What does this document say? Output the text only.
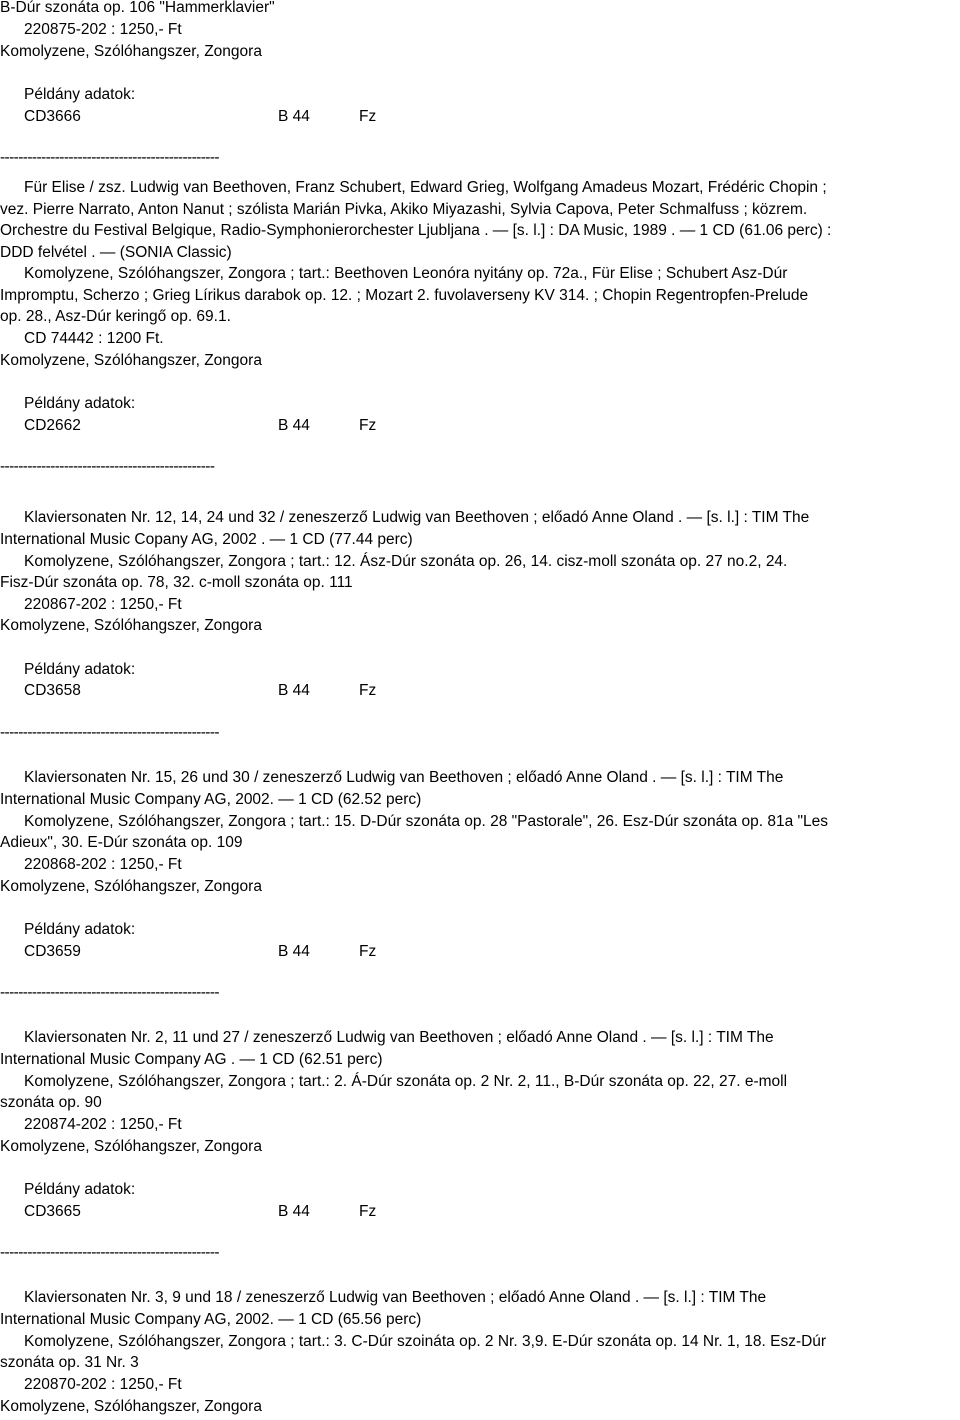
B-Dúr szonáta op. 106 "Hammerklavier"

220875-202 : 1250,- Ft

Komolyzene, Szólóhangszer, Zongora

Példány adatok:

CD3666	B 44	Fz

------------------------------------------------

Für Elise / zsz. Ludwig van Beethoven, Franz Schubert, Edward Grieg, Wolfgang Amadeus Mozart, Frédéric Chopin ;

vez. Pierre Narrato, Anton Nanut ; szólista Marián Pivka, Akiko Miyazashi, Sylvia Capova, Peter Schmalfuss ; közrem.

Orchestre du Festival Belgique, Radio-Symphonierorchester Ljubljana . — [s. l.] : DA Music, 1989 . — 1 CD (61.06 perc) :

DDD felvétel . — (SONIA Classic)

Komolyzene, Szólóhangszer, Zongora ; tart.: Beethoven Leonóra nyitány op. 72a., Für Elise ; Schubert Asz-Dúr

Impromptu, Scherzo ; Grieg Lírikus darabok op. 12. ; Mozart 2. fuvolaverseny KV 314. ; Chopin Regentropfen-Prelude

op. 28., Asz-Dúr keringő op. 69.1.

CD 74442 : 1200 Ft.

Komolyzene, Szólóhangszer, Zongora

Példány adatok:

CD2662	B 44	Fz

-----------------------------------------------

Klaviersonaten Nr. 12, 14, 24 und 32 / zeneszerző Ludwig van Beethoven ; előadó Anne Oland . — [s. l.] : TIM The

International Music Copany AG, 2002 . — 1 CD (77.44 perc)

Komolyzene, Szólóhangszer, Zongora ; tart.: 12. Ász-Dúr szonáta op. 26, 14. cisz-moll szonáta op. 27 no.2, 24.

Fisz-Dúr szonáta op. 78, 32. c-moll szonáta op. 111

220867-202 : 1250,- Ft

Komolyzene, Szólóhangszer, Zongora

Példány adatok:

CD3658	B 44	Fz

------------------------------------------------

Klaviersonaten Nr. 15, 26 und 30 / zeneszerző Ludwig van Beethoven ; előadó Anne Oland . — [s. l.] : TIM The

International Music Company AG, 2002. — 1 CD (62.52 perc)

Komolyzene, Szólóhangszer, Zongora ; tart.: 15. D-Dúr szonáta op. 28 "Pastorale", 26. Esz-Dúr szonáta op. 81a "Les

Adieux", 30. E-Dúr szonáta op. 109

220868-202 : 1250,- Ft

Komolyzene, Szólóhangszer, Zongora

Példány adatok:

CD3659	B 44	Fz

------------------------------------------------

Klaviersonaten Nr. 2, 11 und 27 / zeneszerző Ludwig van Beethoven ; előadó Anne Oland . — [s. l.] : TIM The

International Music Company AG . — 1 CD (62.51 perc)

Komolyzene, Szólóhangszer, Zongora ; tart.: 2. Á-Dúr szonáta op. 2 Nr. 2, 11., B-Dúr szonáta op. 22, 27. e-moll

szonáta op. 90

220874-202 : 1250,- Ft

Komolyzene, Szólóhangszer, Zongora

Példány adatok:

CD3665	B 44	Fz

------------------------------------------------

Klaviersonaten Nr. 3, 9 und 18 / zeneszerző Ludwig van Beethoven ; előadó Anne Oland . — [s. l.] : TIM The

International Music Company AG, 2002. — 1 CD (65.56 perc)

Komolyzene, Szólóhangszer, Zongora ; tart.: 3. C-Dúr szoináta op. 2 Nr. 3,9. E-Dúr szonáta op. 14 Nr. 1, 18. Esz-Dúr

szonáta op. 31 Nr. 3

220870-202 : 1250,- Ft

Komolyzene, Szólóhangszer, Zongora
